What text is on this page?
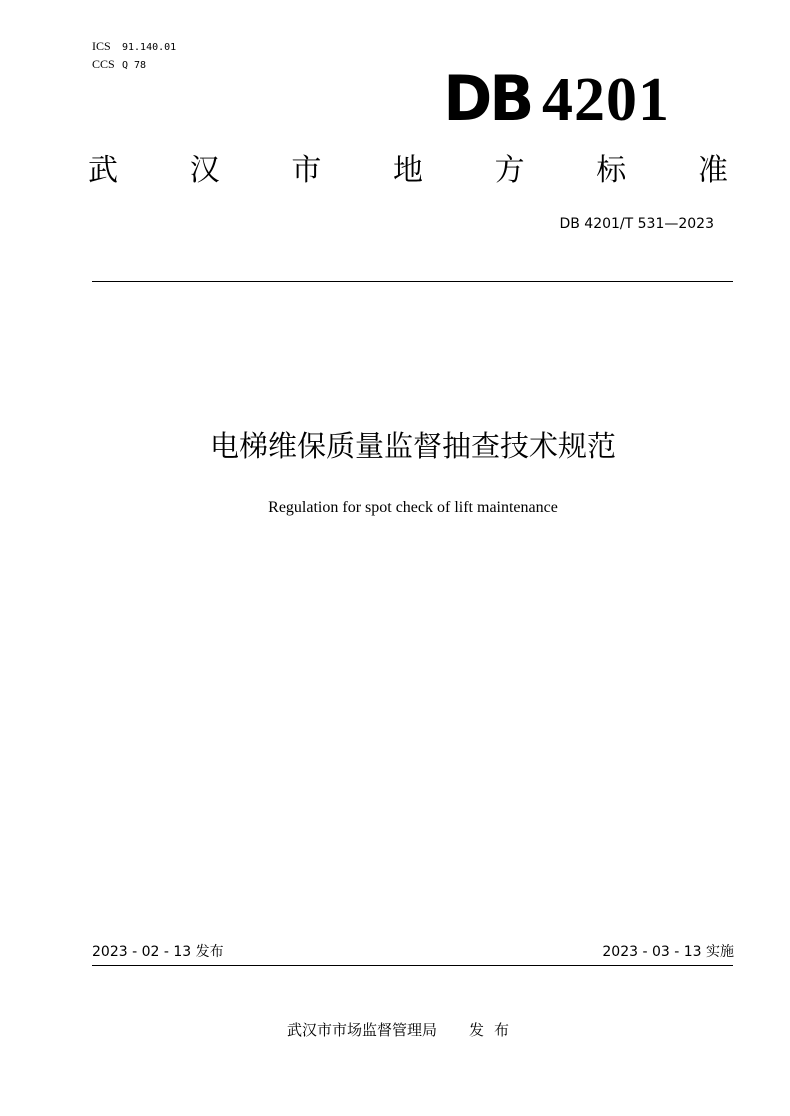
ICS 91.140.01
CCS Q 78	DB 4201
武 汉 市 地 方 标 准
DB 4201/T 531—2023
电梯维保质量监督抽查技术规范
Regulation for spot check of lift maintenance
2023 - 02 - 13 发布	2023 - 03 - 13 实施
武汉市市场监督管理局 发布
